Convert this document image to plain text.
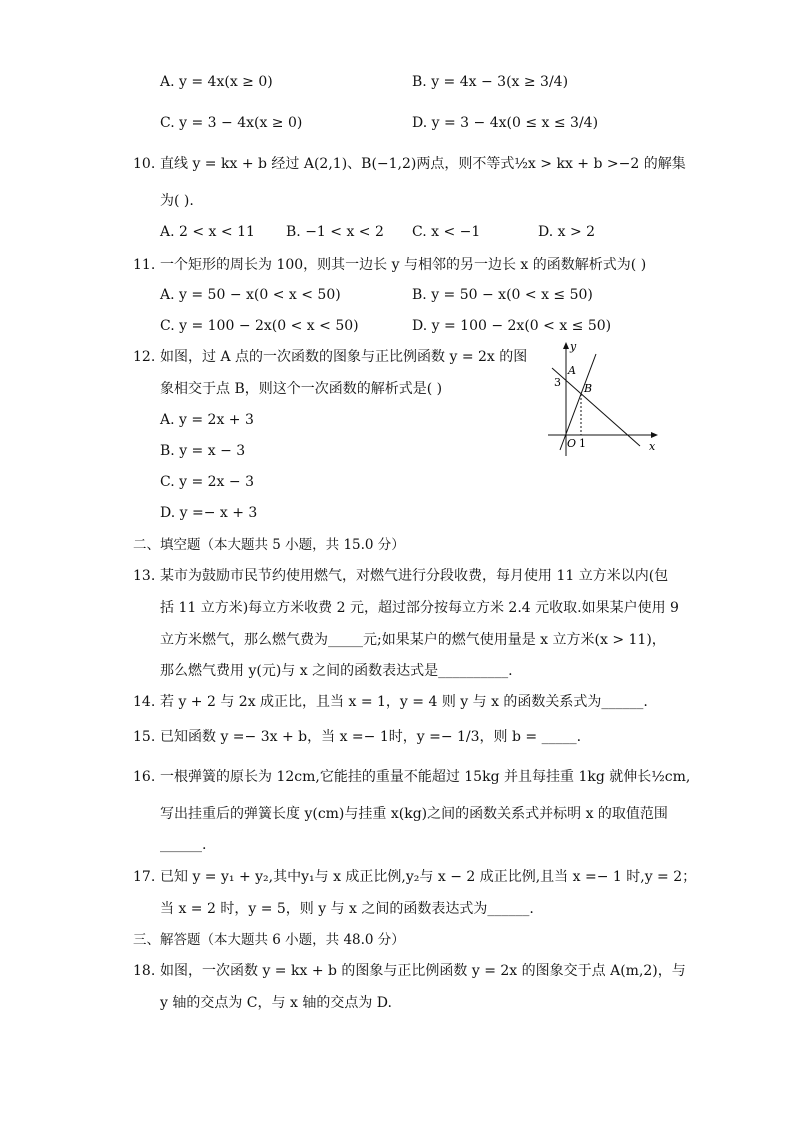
A. y = 4x(x ≥ 0)	B. y = 4x − 3(x ≥ 3/4)
C. y = 3 − 4x(x ≥ 0)	D. y = 3 − 4x(0 ≤ x ≤ 3/4)
10. 直线 y = kx + b 经过 A(2,1)、B(−1,2)两点，则不等式½x > kx + b >−2 的解集
为( ).
A. 2 < x < 11 B. −1 < x < 2 C. x < −1	D. x > 2
11. 一个矩形的周长为 100，则其一边长 y 与相邻的另一边长 x 的函数解析式为( )
A. y = 50 − x(0 < x < 50)	B. y = 50 − x(0 < x ≤ 50)
C. y = 100 − 2x(0 < x < 50)	D. y = 100 − 2x(0 < x ≤ 50)
12. 如图，过 A 点的一次函数的图象与正比例函数 y = 2x 的图
象相交于点 B，则这个一次函数的解析式是( )
A. y = 2x + 3
B. y = x − 3
C. y = 2x − 3
D. y =− x + 3
y
x
A
B
3
O 1
二、填空题（本大题共 5 小题，共 15.0 分）
13. 某市为鼓励市民节约使用燃气，对燃气进行分段收费，每月使用 11 立方米以内(包
括 11 立方米)每立方米收费 2 元，超过部分按每立方米 2.4 元收取.如果某户使用 9
立方米燃气，那么燃气费为_____元;如果某户的燃气使用量是 x 立方米(x > 11)，
那么燃气费用 y(元)与 x 之间的函数表达式是__________.
14. 若 y + 2 与 2x 成正比，且当 x = 1，y = 4 则 y 与 x 的函数关系式为______.
15. 已知函数 y =− 3x + b，当 x =− 1时，y =− 1/3，则 b = _____.
16. 一根弹簧的原长为 12cm,它能挂的重量不能超过 15kg 并且每挂重 1kg 就伸长½cm,
写出挂重后的弹簧长度 y(cm)与挂重 x(kg)之间的函数关系式并标明 x 的取值范围
______.
17. 已知 y = y₁ + y₂,其中y₁与 x 成正比例,y₂与 x − 2 成正比例,且当 x =− 1 时,y = 2；
当 x = 2 时，y = 5，则 y 与 x 之间的函数表达式为______.
三、解答题（本大题共 6 小题，共 48.0 分）
18. 如图，一次函数 y = kx + b 的图象与正比例函数 y = 2x 的图象交于点 A(m,2)，与
y 轴的交点为 C，与 x 轴的交点为 D.
